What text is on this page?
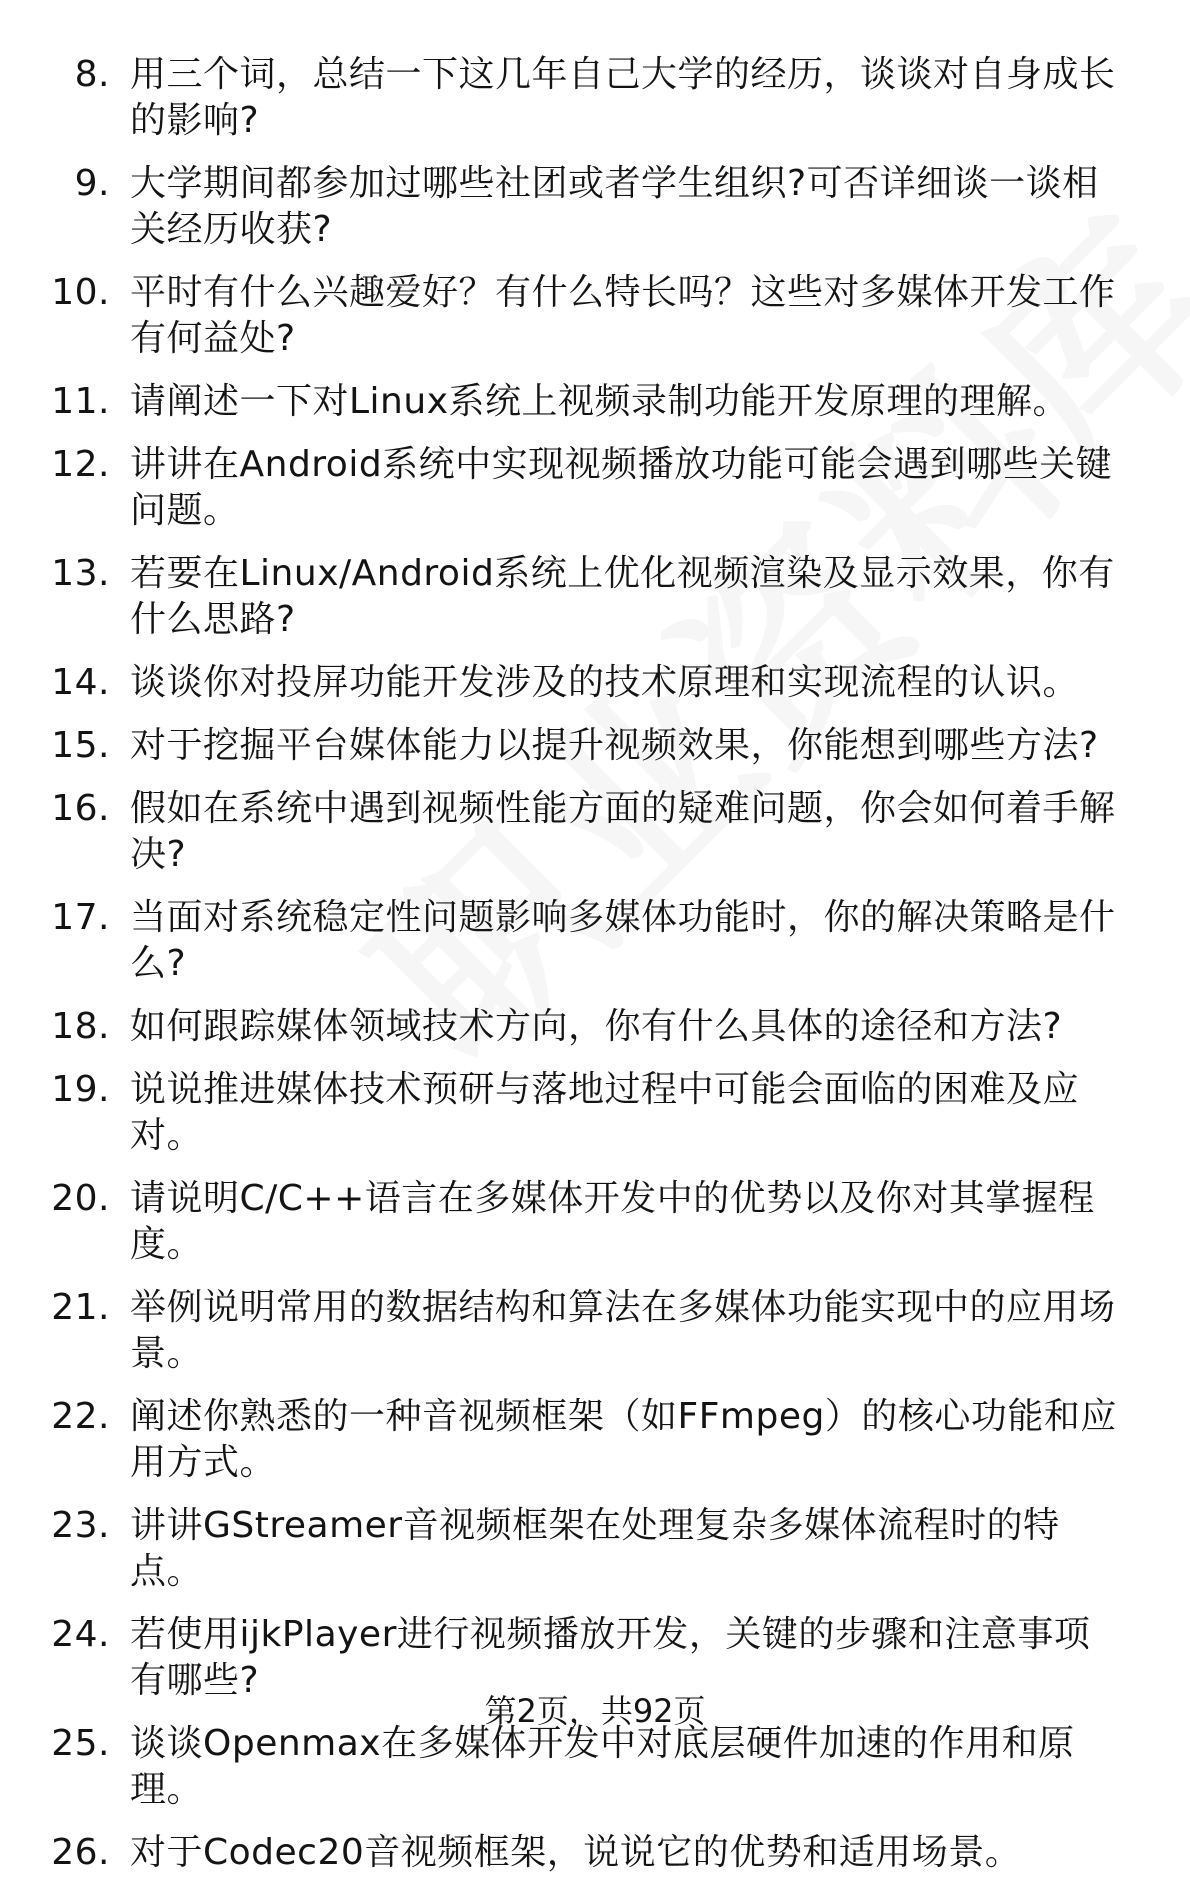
8. 用三个词，总结一下这几年自己大学的经历，谈谈对自身成长的影响?
9. 大学期间都参加过哪些社团或者学生组织?可否详细谈一谈相关经历收获?
10. 平时有什么兴趣爱好？有什么特长吗？这些对多媒体开发工作有何益处?
11. 请阐述一下对Linux系统上视频录制功能开发原理的理解。
12. 讲讲在Android系统中实现视频播放功能可能会遇到哪些关键问题。
13. 若要在Linux/Android系统上优化视频渲染及显示效果，你有什么思路?
14. 谈谈你对投屏功能开发涉及的技术原理和实现流程的认识。
15. 对于挖掘平台媒体能力以提升视频效果，你能想到哪些方法?
16. 假如在系统中遇到视频性能方面的疑难问题，你会如何着手解决?
17. 当面对系统稳定性问题影响多媒体功能时，你的解决策略是什么?
18. 如何跟踪媒体领域技术方向，你有什么具体的途径和方法?
19. 说说推进媒体技术预研与落地过程中可能会面临的困难及应对。
20. 请说明C/C++语言在多媒体开发中的优势以及你对其掌握程度。
21. 举例说明常用的数据结构和算法在多媒体功能实现中的应用场景。
22. 阐述你熟悉的一种音视频框架（如FFmpeg）的核心功能和应用方式。
23. 讲讲GStreamer音视频框架在处理复杂多媒体流程时的特点。
24. 若使用ijkPlayer进行视频播放开发，关键的步骤和注意事项有哪些?
25. 谈谈Openmax在多媒体开发中对底层硬件加速的作用和原理。
26. 对于Codec20音视频框架，说说它的优势和适用场景。
第2页，共92页
